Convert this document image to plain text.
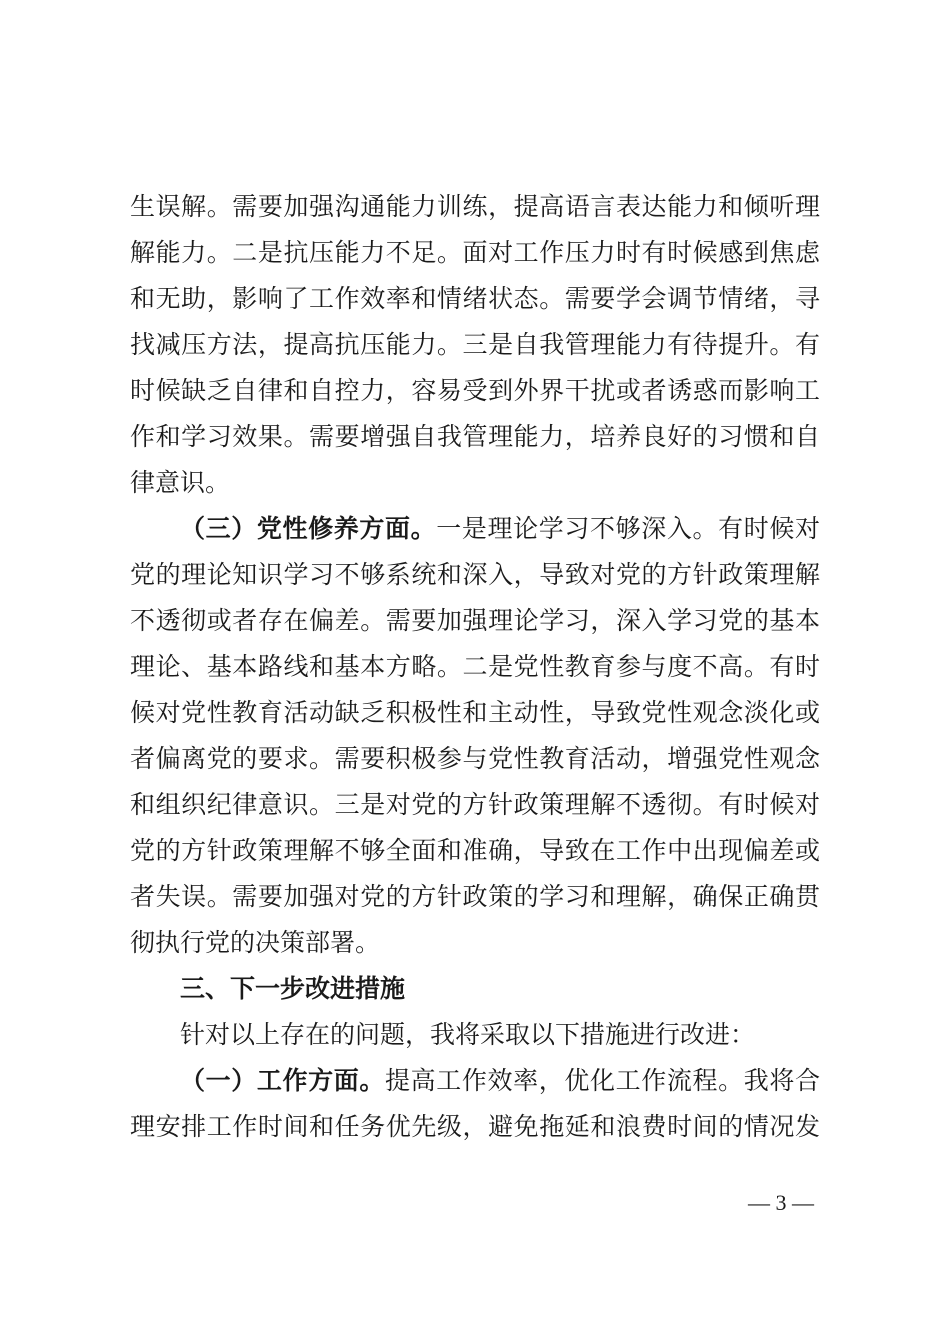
生误解。需要加强沟通能力训练，提高语言表达能力和倾听理
解能力。二是抗压能力不足。面对工作压力时有时候感到焦虑
和无助，影响了工作效率和情绪状态。需要学会调节情绪，寻
找减压方法，提高抗压能力。三是自我管理能力有待提升。有
时候缺乏自律和自控力，容易受到外界干扰或者诱惑而影响工
作和学习效果。需要增强自我管理能力，培养良好的习惯和自
律意识。
（三）党性修养方面。一是理论学习不够深入。有时候对
党的理论知识学习不够系统和深入，导致对党的方针政策理解
不透彻或者存在偏差。需要加强理论学习，深入学习党的基本
理论、基本路线和基本方略。二是党性教育参与度不高。有时
候对党性教育活动缺乏积极性和主动性，导致党性观念淡化或
者偏离党的要求。需要积极参与党性教育活动，增强党性观念
和组织纪律意识。三是对党的方针政策理解不透彻。有时候对
党的方针政策理解不够全面和准确，导致在工作中出现偏差或
者失误。需要加强对党的方针政策的学习和理解，确保正确贯
彻执行党的决策部署。
三、下一步改进措施
针对以上存在的问题，我将采取以下措施进行改进：
（一）工作方面。提高工作效率，优化工作流程。我将合
理安排工作时间和任务优先级，避免拖延和浪费时间的情况发
— 3 —
